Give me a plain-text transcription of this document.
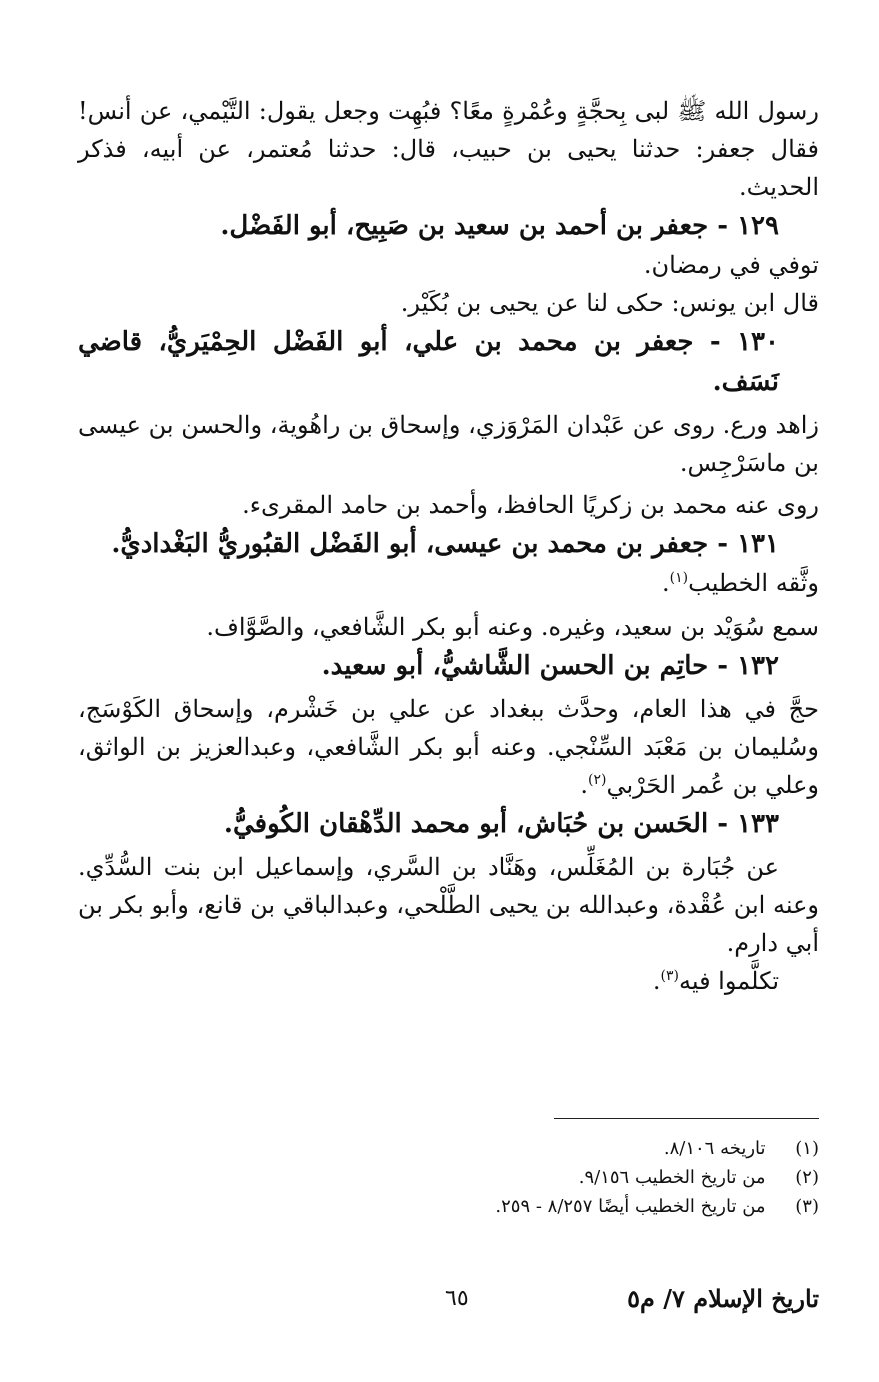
رسول الله ﷺ لبى بِحجَّةٍ وعُمْرةٍ معًا؟ فبُهِت وجعل يقول: التَّيْمي، عن أنس! فقال جعفر: حدثنا يحيى بن حبيب، قال: حدثنا مُعتمر، عن أبيه، فذكر الحديث.

١٢٩ - جعفر بن أحمد بن سعيد بن صَبِيح، أبو الفَضْل.

توفي في رمضان.

قال ابن يونس: حكى لنا عن يحيى بن بُكَيْر.

١٣٠ - جعفر بن محمد بن علي، أبو الفَضْل الحِمْيَريُّ، قاضي نَسَف.

زاهد ورع. روى عن عَبْدان المَرْوَزي، وإسحاق بن راهُوية، والحسن بن عيسى بن ماسَرْجِس.

روى عنه محمد بن زكريًا الحافظ، وأحمد بن حامد المقرىء.

١٣١ - جعفر بن محمد بن عيسى، أبو الفَضْل القبُوريُّ البَغْداديُّ.

وثَّقه الخطيب$^{(١)}$.

سمع سُوَيْد بن سعيد، وغيره. وعنه أبو بكر الشَّافعي، والصَّوَّاف.

١٣٢ - حاتِم بن الحسن الشَّاشيُّ، أبو سعيد.

حجَّ في هذا العام، وحدَّث ببغداد عن علي بن خَشْرم، وإسحاق الكَوْسَج، وسُليمان بن مَعْبَد السِّنْجي. وعنه أبو بكر الشَّافعي، وعبدالعزيز بن الواثق، وعلي بن عُمر الحَرْبي$^{(٢)}$.

١٣٣ - الحَسن بن حُبَاش، أبو محمد الدِّهْقان الكُوفيُّ.

عن جُبَارة بن المُغَلِّس، وهَنَّاد بن السَّري، وإسماعيل ابن بنت السُّدِّي. وعنه ابن عُقْدة، وعبدالله بن يحيى الطَّلْحي، وعبدالباقي بن قانع، وأبو بكر بن أبي دارم.

تكلَّموا فيه$^{(٣)}$.

(١)  تاريخه ٨/١٠٦.

(٢)  من تاريخ الخطيب ٩/١٥٦.

(٣)  من تاريخ الخطيب أيضًا ٨/٢٥٧ - ٢٥٩.

تاريخ الإسلام ٧/ م٥
٦٥
